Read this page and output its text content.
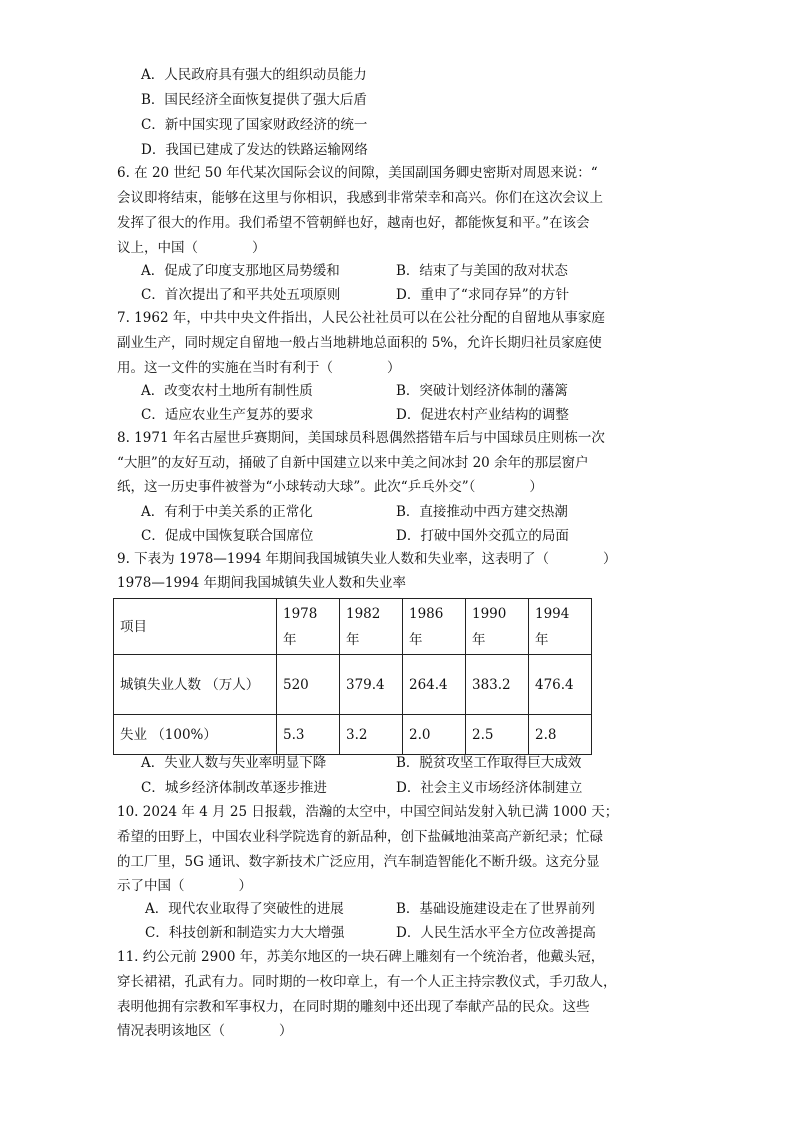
A．人民政府具有强大的组织动员能力
B．国民经济全面恢复提供了强大后盾
C．新中国实现了国家财政经济的统一
D．我国已建成了发达的铁路运输网络
6. 在 20 世纪 50 年代某次国际会议的间隙，美国副国务卿史密斯对周恩来说：“
会议即将结束，能够在这里与你相识，我感到非常荣幸和高兴。你们在这次会议上
发挥了很大的作用。我们希望不管朝鲜也好，越南也好，都能恢复和平。”在该会
议上，中国（　　　　）
A．促成了印度支那地区局势缓和	B．结束了与美国的敌对状态
C．首次提出了和平共处五项原则	D．重申了“求同存异”的方针
7. 1962 年，中共中央文件指出，人民公社社员可以在公社分配的自留地从事家庭
副业生产，同时规定自留地一般占当地耕地总面积的 5%，允许长期归社员家庭使
用。这一文件的实施在当时有利于（　　　　）
A．改变农村土地所有制性质	B．突破计划经济体制的藩篱
C．适应农业生产复苏的要求	D．促进农村产业结构的调整
8. 1971 年名古屋世乒赛期间，美国球员科恩偶然搭错车后与中国球员庄则栋一次
“大胆”的友好互动，捅破了自新中国建立以来中美之间冰封 20 余年的那层窗户
纸，这一历史事件被誉为“小球转动大球”。此次“乒乓外交”（　　　　）
A．有利于中美关系的正常化	B．直接推动中西方建交热潮
C．促成中国恢复联合国席位	D．打破中国外交孤立的局面
9. 下表为 1978—1994 年期间我国城镇失业人数和失业率，这表明了（　　　　）
1978—1994 年期间我国城镇失业人数和失业率
项目	1978 年	1982 年	1986 年	1990 年	1994 年
城镇失业人数 （万人）	520	379.4	264.4	383.2	476.4
失业 （100%）	5.3	3.2	2.0	2.5	2.8
A．失业人数与失业率明显下降	B．脱贫攻坚工作取得巨大成效
C．城乡经济体制改革逐步推进	D．社会主义市场经济体制建立
10. 2024 年 4 月 25 日报载，浩瀚的太空中，中国空间站发射入轨已满 1000 天；
希望的田野上，中国农业科学院选育的新品种，创下盐碱地油菜高产新纪录；忙碌
的工厂里，5G 通讯、数字新技术广泛应用，汽车制造智能化不断升级。这充分显
示了中国（　　　　）
A．现代农业取得了突破性的进展	B．基础设施建设走在了世界前列
C．科技创新和制造实力大大增强	D．人民生活水平全方位改善提高
11. 约公元前 2900 年，苏美尔地区的一块石碑上雕刻有一个统治者，他戴头冠，
穿长裙裙，孔武有力。同时期的一枚印章上，有一个人正主持宗教仪式，手刃敌人，
表明他拥有宗教和军事权力，在同时期的雕刻中还出现了奉献产品的民众。这些
情况表明该地区（　　　　）
